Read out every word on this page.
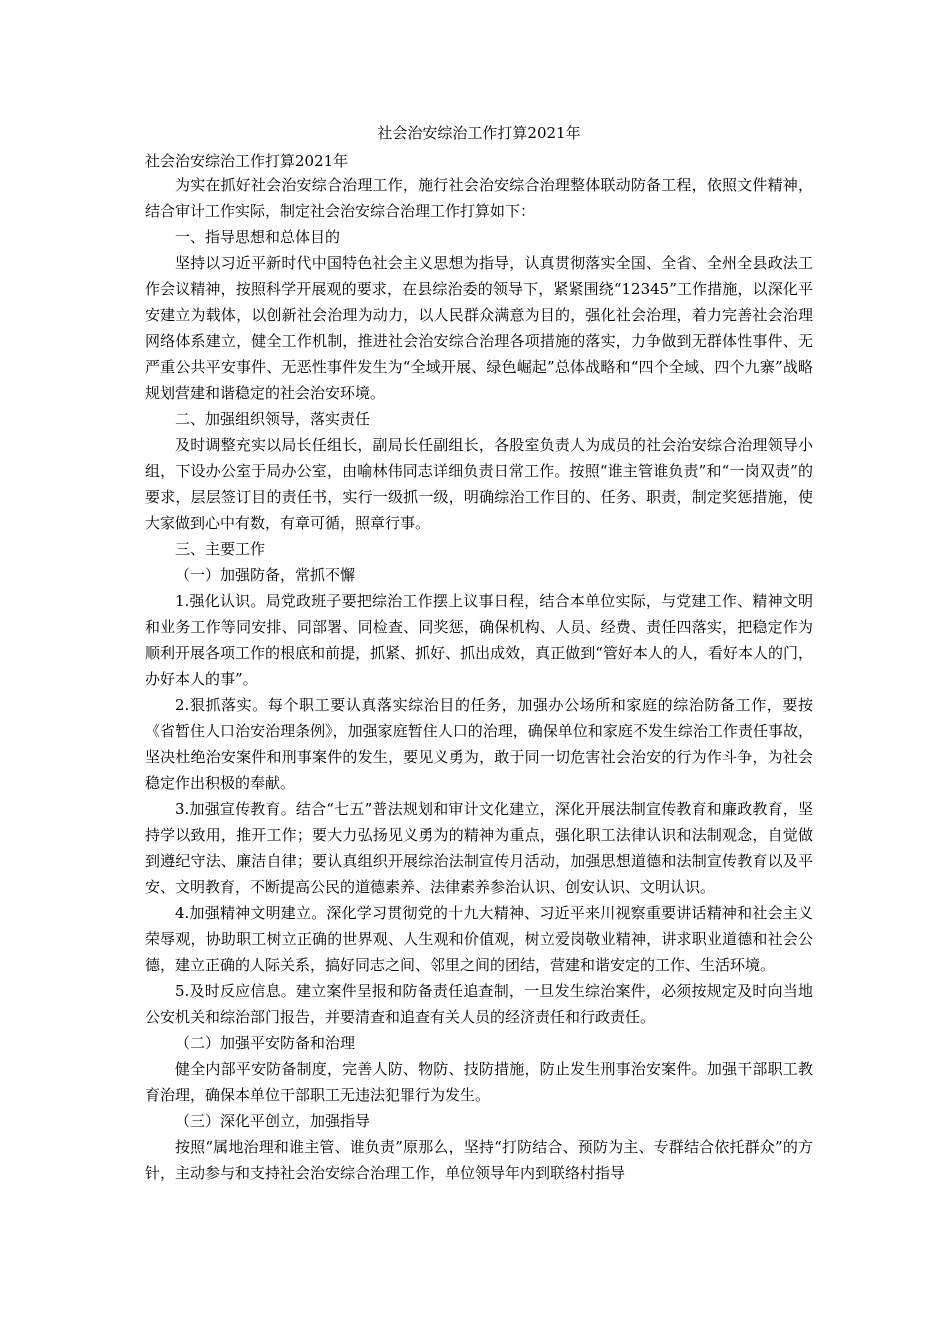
社会治安综治工作打算2021年
社会治安综治工作打算2021年

为实在抓好社会治安综合治理工作，施行社会治安综合治理整体联动防备工程，依照文件精神，结合审计工作实际，制定社会治安综合治理工作打算如下：

一、指导思想和总体目的

坚持以习近平新时代中国特色社会主义思想为指导，认真贯彻落实全国、全省、全州全县政法工作会议精神，按照科学开展观的要求，在县综治委的领导下，紧紧围绕“12345”工作措施，以深化平安建立为载体，以创新社会治理为动力，以人民群众满意为目的，强化社会治理，着力完善社会治理网络体系建立，健全工作机制，推进社会治安综合治理各项措施的落实，力争做到无群体性事件、无严重公共平安事件、无恶性事件发生为“全域开展、绿色崛起”总体战略和“四个全域、四个九寨”战略规划营建和谐稳定的社会治安环境。

二、加强组织领导，落实责任

及时调整充实以局长任组长，副局长任副组长，各股室负责人为成员的社会治安综合治理领导小组，下设办公室于局办公室，由喻林伟同志详细负责日常工作。按照“谁主管谁负责”和“一岗双责”的要求，层层签订目的责任书，实行一级抓一级，明确综治工作目的、任务、职责，制定奖惩措施，使大家做到心中有数，有章可循，照章行事。

三、主要工作

（一）加强防备，常抓不懈

1.强化认识。局党政班子要把综治工作摆上议事日程，结合本单位实际，与党建工作、精神文明和业务工作等同安排、同部署、同检查、同奖惩，确保机构、人员、经费、责任四落实，把稳定作为顺利开展各项工作的根底和前提，抓紧、抓好、抓出成效，真正做到“管好本人的人，看好本人的门，办好本人的事”。

2.狠抓落实。每个职工要认真落实综治目的任务，加强办公场所和家庭的综治防备工作，要按《省暂住人口治安治理条例》，加强家庭暂住人口的治理，确保单位和家庭不发生综治工作责任事故，坚决杜绝治安案件和刑事案件的发生，要见义勇为，敢于同一切危害社会治安的行为作斗争，为社会稳定作出积极的奉献。

3.加强宣传教育。结合“七五”普法规划和审计文化建立，深化开展法制宣传教育和廉政教育，坚持学以致用，推开工作；要大力弘扬见义勇为的精神为重点，强化职工法律认识和法制观念，自觉做到遵纪守法、廉洁自律；要认真组织开展综治法制宣传月活动，加强思想道德和法制宣传教育以及平安、文明教育，不断提高公民的道德素养、法律素养参治认识、创安认识、文明认识。

4.加强精神文明建立。深化学习贯彻党的十九大精神、习近平来川视察重要讲话精神和社会主义荣辱观，协助职工树立正确的世界观、人生观和价值观，树立爱岗敬业精神，讲求职业道德和社会公德，建立正确的人际关系，搞好同志之间、邻里之间的团结，营建和谐安定的工作、生活环境。

5.及时反应信息。建立案件呈报和防备责任追查制，一旦发生综治案件，必须按规定及时向当地公安机关和综治部门报告，并要清查和追查有关人员的经济责任和行政责任。

（二）加强平安防备和治理

健全内部平安防备制度，完善人防、物防、技防措施，防止发生刑事治安案件。加强干部职工教育治理，确保本单位干部职工无违法犯罪行为发生。

（三）深化平创立，加强指导

按照“属地治理和谁主管、谁负责”原那么，坚持“打防结合、预防为主、专群结合依托群众”的方针，主动参与和支持社会治安综合治理工作，单位领导年内到联络村指导
